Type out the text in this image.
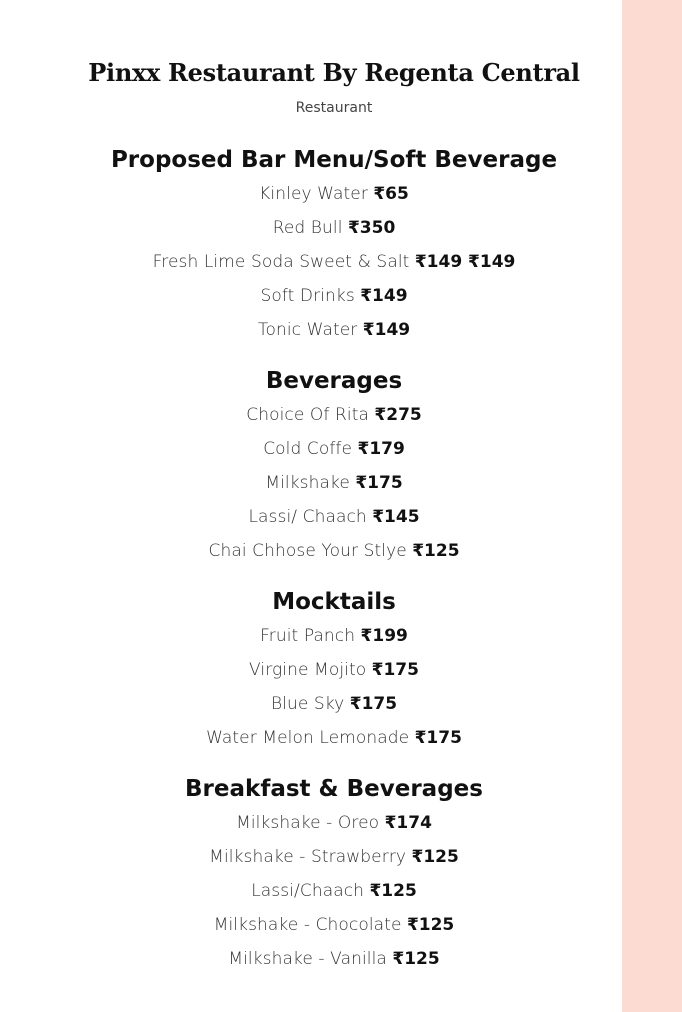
Pinxx Restaurant By Regenta Central
Restaurant
Proposed Bar Menu/Soft Beverage
Kinley Water ₹65
Red Bull ₹350
Fresh Lime Soda Sweet & Salt ₹149 ₹149
Soft Drinks ₹149
Tonic Water ₹149
Beverages
Choice Of Rita ₹275
Cold Coffe ₹179
Milkshake ₹175
Lassi/ Chaach ₹145
Chai Chhose Your Stlye ₹125
Mocktails
Fruit Panch ₹199
Virgine Mojito ₹175
Blue Sky ₹175
Water Melon Lemonade ₹175
Breakfast & Beverages
Milkshake - Oreo ₹174
Milkshake - Strawberry ₹125
Lassi/Chaach ₹125
Milkshake - Chocolate ₹125
Milkshake - Vanilla ₹125
